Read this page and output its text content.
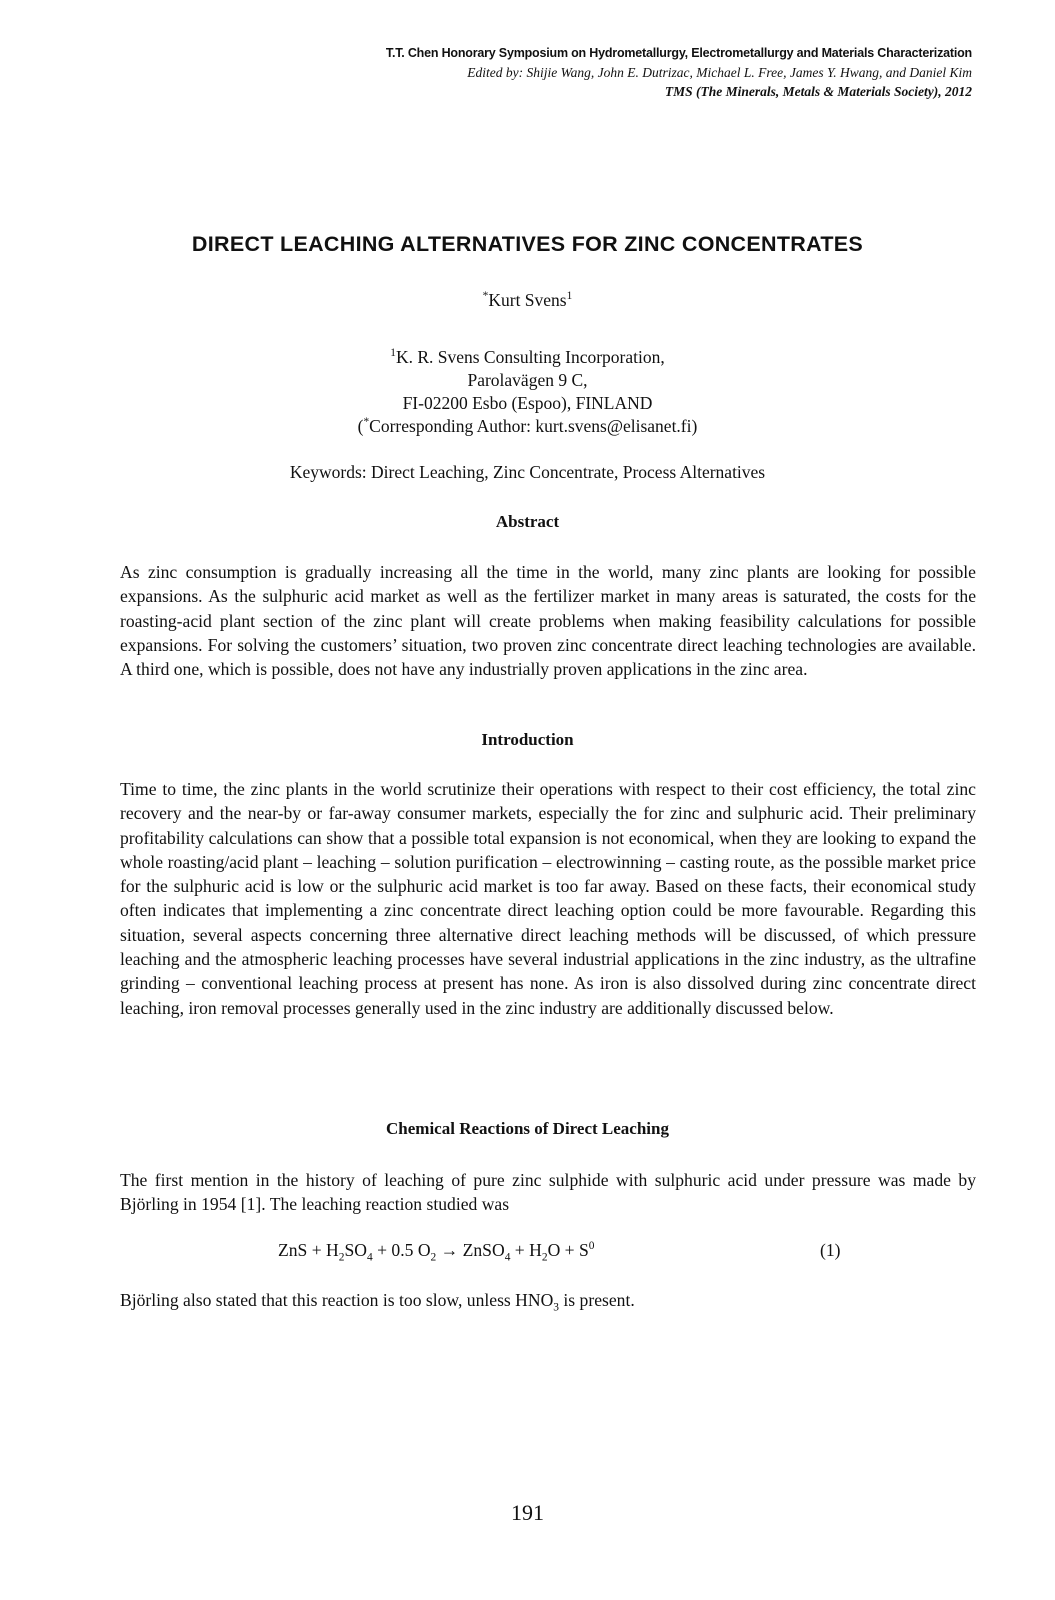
T.T. Chen Honorary Symposium on Hydrometallurgy, Electrometallurgy and Materials Characterization
Edited by: Shijie Wang, John E. Dutrizac, Michael L. Free, James Y. Hwang, and Daniel Kim
TMS (The Minerals, Metals & Materials Society), 2012
DIRECT LEACHING ALTERNATIVES FOR ZINC CONCENTRATES
*Kurt Svens$^1$
$^1$K. R. Svens Consulting Incorporation,
Parolavägen 9 C,
FI-02200 Esbo (Espoo), FINLAND
(*Corresponding Author: kurt.svens@elisanet.fi)
Keywords: Direct Leaching, Zinc Concentrate, Process Alternatives
Abstract

As zinc consumption is gradually increasing all the time in the world, many zinc plants are looking for possible expansions. As the sulphuric acid market as well as the fertilizer market in many areas is saturated, the costs for the roasting-acid plant section of the zinc plant will create problems when making feasibility calculations for possible expansions. For solving the customers’ situation, two proven zinc concentrate direct leaching technologies are available. A third one, which is possible, does not have any industrially proven applications in the zinc area.

Introduction

Time to time, the zinc plants in the world scrutinize their operations with respect to their cost efficiency, the total zinc recovery and the near-by or far-away consumer markets, especially the for zinc and sulphuric acid. Their preliminary profitability calculations can show that a possible total expansion is not economical, when they are looking to expand the whole roasting/acid plant – leaching – solution purification – electrowinning – casting route, as the possible market price for the sulphuric acid is low or the sulphuric acid market is too far away. Based on these facts, their economical study often indicates that implementing a zinc concentrate direct leaching option could be more favourable. Regarding this situation, several aspects concerning three alternative direct leaching methods will be discussed, of which pressure leaching and the atmospheric leaching processes have several industrial applications in the zinc industry, as the ultrafine grinding – conventional leaching process at present has none. As iron is also dissolved during zinc concentrate direct leaching, iron removal processes generally used in the zinc industry are additionally discussed below.

Chemical Reactions of Direct Leaching

The first mention in the history of leaching of pure zinc sulphide with sulphuric acid under pressure was made by Björling in 1954 [1]. The leaching reaction studied was

ZnS + $H_2SO_4 + 0.5$ $O_2$ → ZnSO$_4$ + $H_2O + S^0$	(1)

Björling also stated that this reaction is too slow, unless $HNO_3$ is present.

191
